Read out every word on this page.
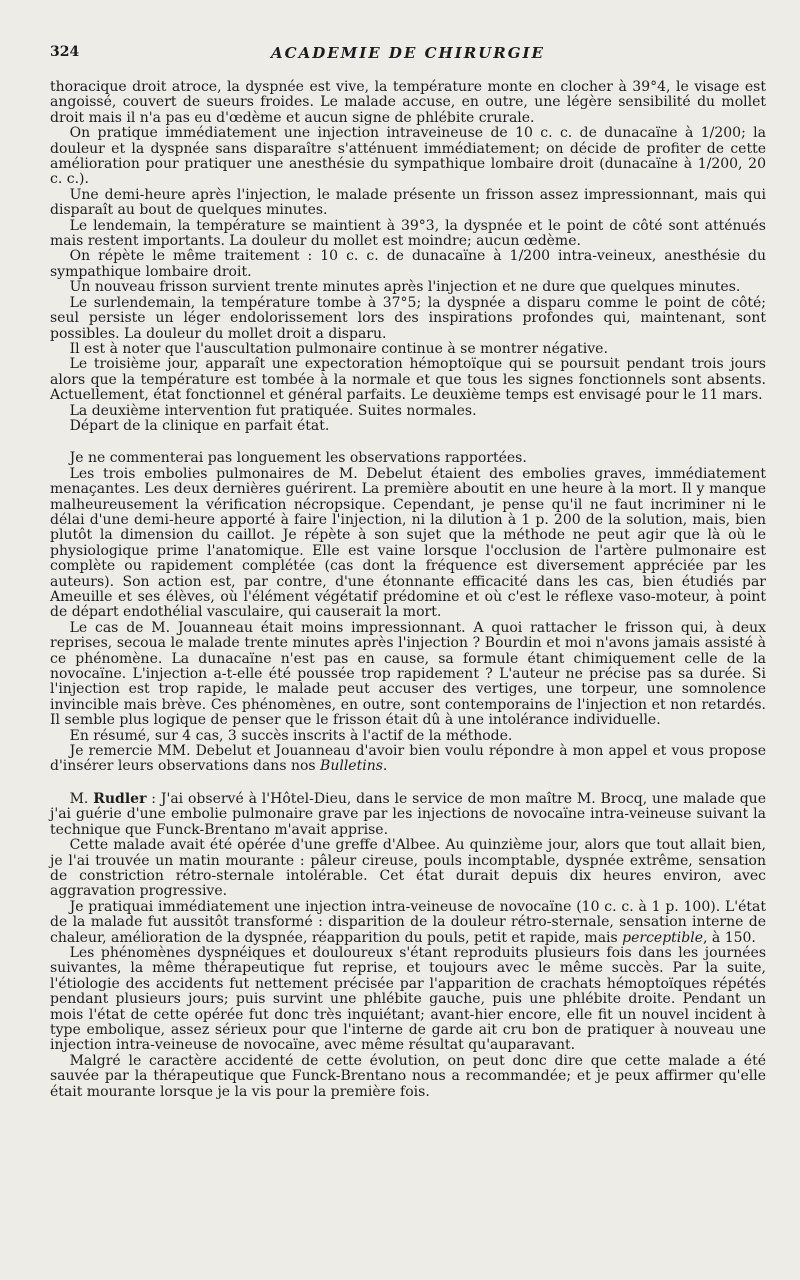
324	ACADEMIE DE CHIRURGIE

thoracique droit atroce, la dyspnée est vive, la température monte en clocher à 39°4, le visage est angoissé, couvert de sueurs froides. Le malade accuse, en outre, une légère sensibilité du mollet droit mais il n'a pas eu d'œdème et aucun signe de phlébite crurale.

On pratique immédiatement une injection intraveineuse de 10 c. c. de dunacaïne à 1/200; la douleur et la dyspnée sans disparaître s'atténuent immédiatement; on décide de profiter de cette amélioration pour pratiquer une anesthésie du sympathique lombaire droit (dunacaïne à 1/200, 20 c. c.).

Une demi-heure après l'injection, le malade présente un frisson assez impressionnant, mais qui disparaît au bout de quelques minutes.

Le lendemain, la température se maintient à 39°3, la dyspnée et le point de côté sont atténués mais restent importants. La douleur du mollet est moindre; aucun œdème.

On répète le même traitement : 10 c. c. de dunacaïne à 1/200 intra-veineux, anesthésie du sympathique lombaire droit.

Un nouveau frisson survient trente minutes après l'injection et ne dure que quelques minutes.

Le surlendemain, la température tombe à 37°5; la dyspnée a disparu comme le point de côté; seul persiste un léger endolorissement lors des inspirations profondes qui, maintenant, sont possibles. La douleur du mollet droit a disparu.

Il est à noter que l'auscultation pulmonaire continue à se montrer négative.

Le troisième jour, apparaît une expectoration hémoptoïque qui se poursuit pendant trois jours alors que la température est tombée à la normale et que tous les signes fonctionnels sont absents. Actuellement, état fonctionnel et général parfaits. Le deuxième temps est envisagé pour le 11 mars.

La deuxième intervention fut pratiquée. Suites normales.

Départ de la clinique en parfait état.

Je ne commenterai pas longuement les observations rapportées.

Les trois embolies pulmonaires de M. Debelut étaient des embolies graves, immédiatement menaçantes. Les deux dernières guérirent. La première aboutit en une heure à la mort. Il y manque malheureusement la vérification nécropsique. Cependant, je pense qu'il ne faut incriminer ni le délai d'une demi-heure apporté à faire l'injection, ni la dilution à 1 p. 200 de la solution, mais, bien plutôt la dimension du caillot. Je répète à son sujet que la méthode ne peut agir que là où le physiologique prime l'anatomique. Elle est vaine lorsque l'occlusion de l'artère pulmonaire est complète ou rapidement complétée (cas dont la fréquence est diversement appréciée par les auteurs). Son action est, par contre, d'une étonnante efficacité dans les cas, bien étudiés par Ameuille et ses élèves, où l'élément végétatif prédomine et où c'est le réflexe vaso-moteur, à point de départ endothélial vasculaire, qui causerait la mort.

Le cas de M. Jouanneau était moins impressionnant. A quoi rattacher le frisson qui, à deux reprises, secoua le malade trente minutes après l'injection ? Bourdin et moi n'avons jamais assisté à ce phénomène. La dunacaïne n'est pas en cause, sa formule étant chimiquement celle de la novocaïne. L'injection a-t-elle été poussée trop rapidement ? L'auteur ne précise pas sa durée. Si l'injection est trop rapide, le malade peut accuser des vertiges, une torpeur, une somnolence invincible mais brève. Ces phénomènes, en outre, sont contemporains de l'injection et non retardés. Il semble plus logique de penser que le frisson était dû à une intolérance individuelle.

En résumé, sur 4 cas, 3 succès inscrits à l'actif de la méthode.

Je remercie MM. Debelut et Jouanneau d'avoir bien voulu répondre à mon appel et vous propose d'insérer leurs observations dans nos Bulletins.

M. Rudler : J'ai observé à l'Hôtel-Dieu, dans le service de mon maître M. Brocq, une malade que j'ai guérie d'une embolie pulmonaire grave par les injections de novocaïne intra-veineuse suivant la technique que Funck-Brentano m'avait apprise.

Cette malade avait été opérée d'une greffe d'Albee. Au quinzième jour, alors que tout allait bien, je l'ai trouvée un matin mourante : pâleur cireuse, pouls incomptable, dyspnée extrême, sensation de constriction rétro-sternale intolérable. Cet état durait depuis dix heures environ, avec aggravation progressive.

Je pratiquai immédiatement une injection intra-veineuse de novocaïne (10 c. c. à 1 p. 100). L'état de la malade fut aussitôt transformé : disparition de la douleur rétro-sternale, sensation interne de chaleur, amélioration de la dyspnée, réapparition du pouls, petit et rapide, mais perceptible, à 150.

Les phénomènes dyspnéiques et douloureux s'étant reproduits plusieurs fois dans les journées suivantes, la même thérapeutique fut reprise, et toujours avec le même succès. Par la suite, l'étiologie des accidents fut nettement précisée par l'apparition de crachats hémoptoïques répétés pendant plusieurs jours; puis survint une phlébite gauche, puis une phlébite droite. Pendant un mois l'état de cette opérée fut donc très inquiétant; avant-hier encore, elle fit un nouvel incident à type embolique, assez sérieux pour que l'interne de garde ait cru bon de pratiquer à nouveau une injection intra-veineuse de novocaïne, avec même résultat qu'auparavant.

Malgré le caractère accidenté de cette évolution, on peut donc dire que cette malade a été sauvée par la thérapeutique que Funck-Brentano nous a recommandée; et je peux affirmer qu'elle était mourante lorsque je la vis pour la première fois.
